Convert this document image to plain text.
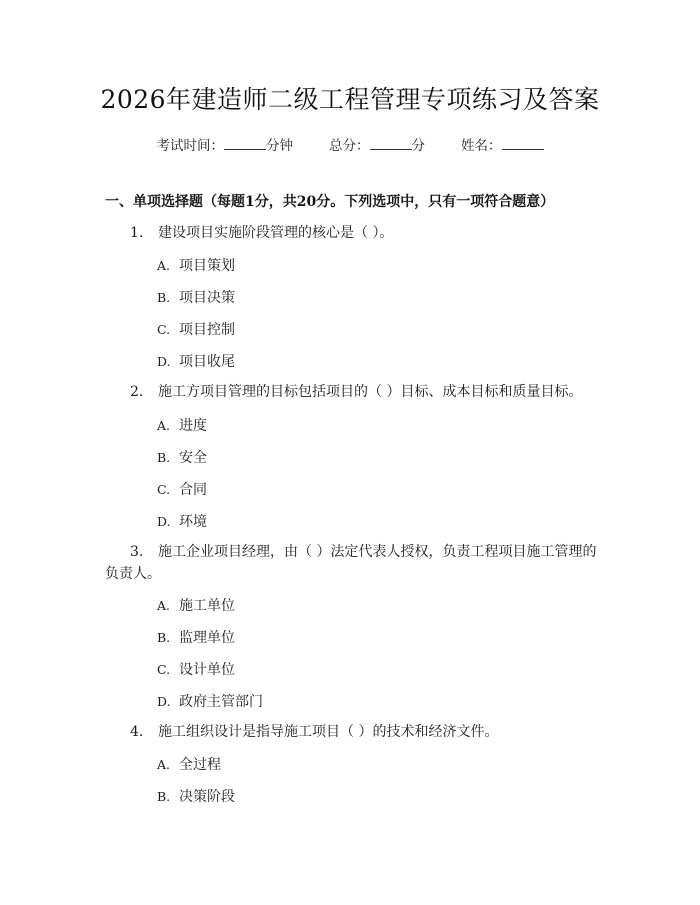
2026年建造师二级工程管理专项练习及答案
考试时间：	分钟	总分：	分	姓名：
一、单项选择题（每题1分，共20分。下列选项中，只有一项符合题意）
1. 建设项目实施阶段管理的核心是（ ）。
A. 项目策划
B. 项目决策
C. 项目控制
D. 项目收尾
2. 施工方项目管理的目标包括项目的（ ）目标、成本目标和质量目标。
A. 进度
B. 安全
C. 合同
D. 环境
3. 施工企业项目经理，由（ ）法定代表人授权，负责工程项目施工管理的负责人。
A. 施工单位
B. 监理单位
C. 设计单位
D. 政府主管部门
4. 施工组织设计是指导施工项目（ ）的技术和经济文件。
A. 全过程
B. 决策阶段
